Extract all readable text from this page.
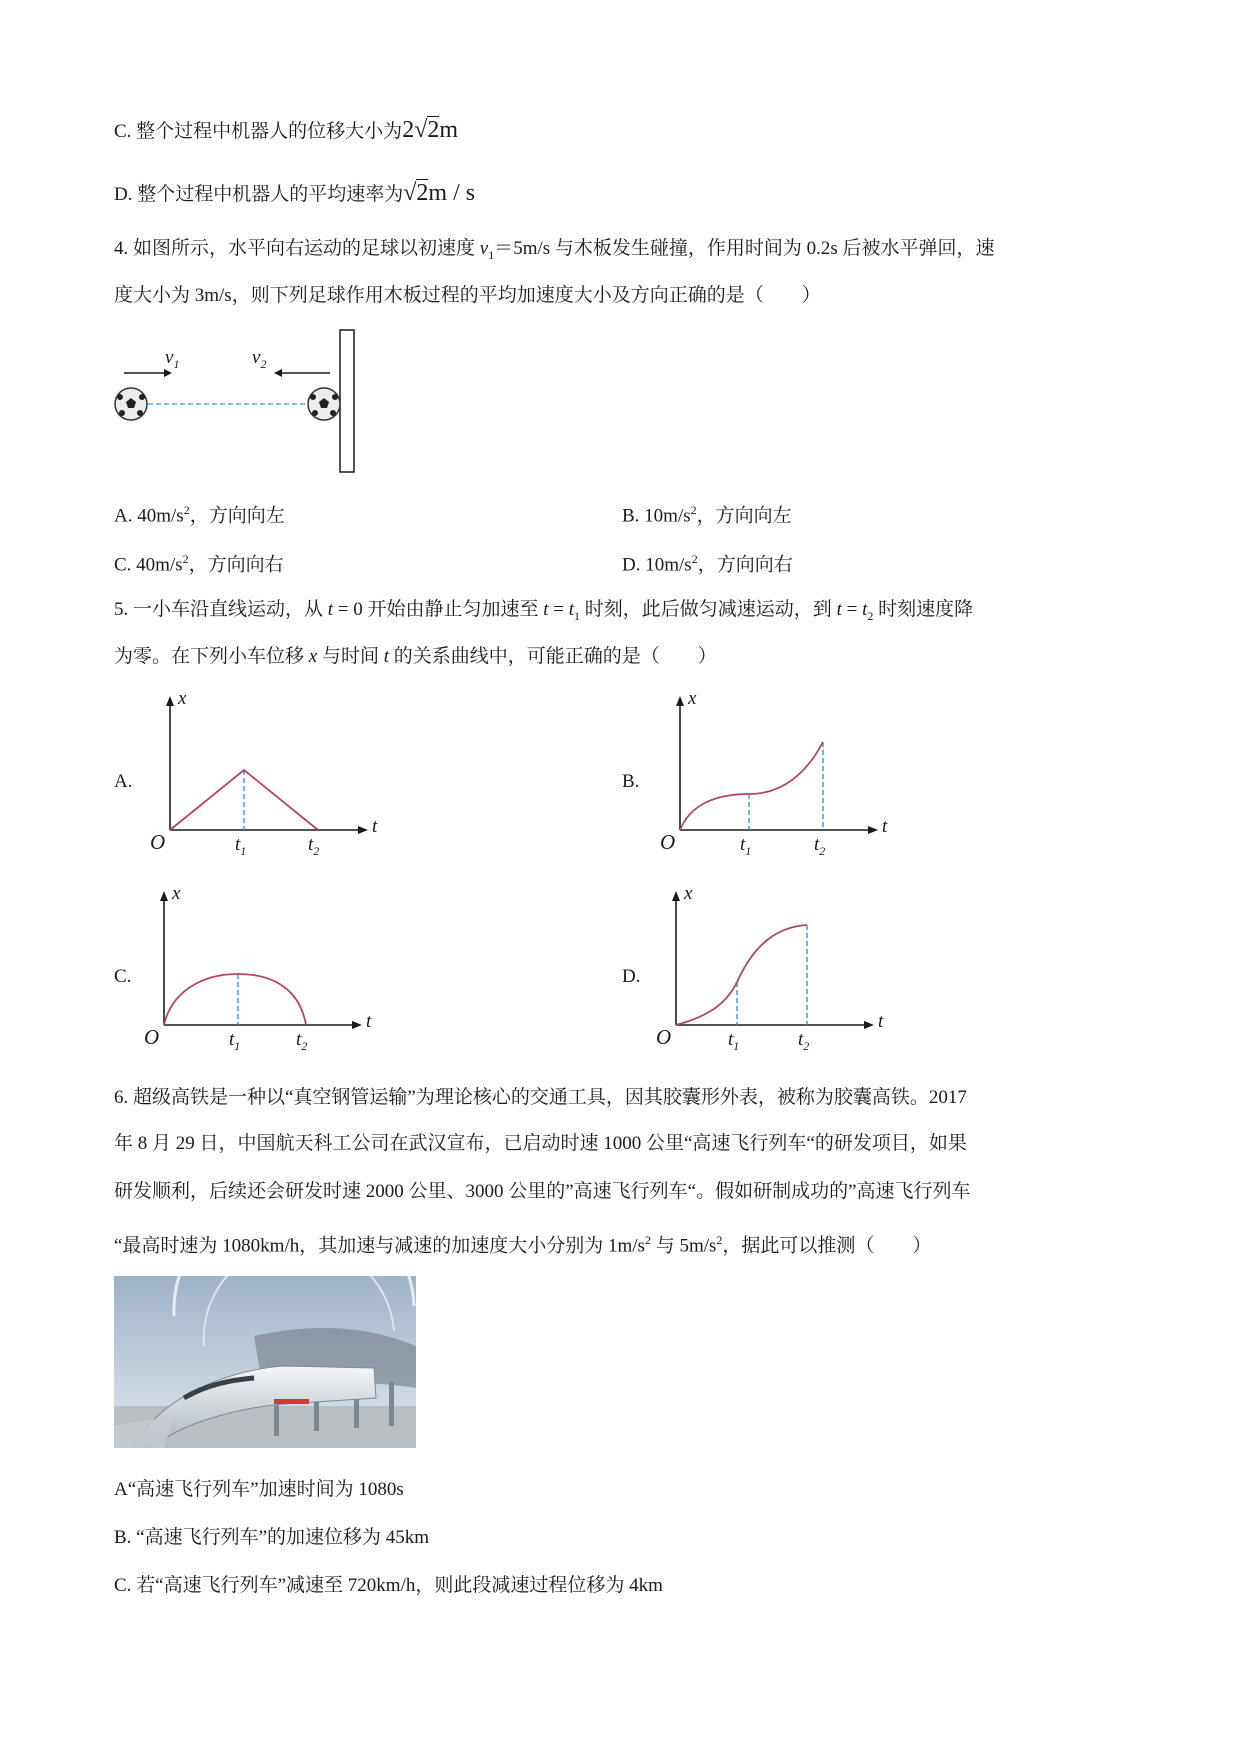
C. 整个过程中机器人的位移大小为2√2m
D. 整个过程中机器人的平均速率为√2m / s
4. 如图所示，水平向右运动的足球以初速度 $v_1=5m/s$ 与木板发生碰撞，作用时间为 0.2s 后被水平弹回，速
度大小为 3m/s，则下列足球作用木板过程的平均加速度大小及方向正确的是（　　）
$v_1$	$v_2$
A. $40m/s^2$，方向向左	B. $10m/s^2$，方向向左
C. $40m/s^2$，方向向右	D. $10m/s^2$，方向向右
5. 一小车沿直线运动，从 t = 0 开始由静止匀加速至 $t = t_1$ 时刻，此后做匀减速运动，到 $t = t_2$ 时刻速度降
为零。在下列小车位移 x 与时间 t 的关系曲线中，可能正确的是（　　）
A.
x
O
t
$t_1$	$t_2$
B.
x
O
t
$t_1$	$t_2$
C.
x
O
t
$t_1$	$t_2$
D.
x
O
t
$t_1$	$t_2$
6. 超级高铁是一种以“真空钢管运输”为理论核心的交通工具，因其胶囊形外表，被称为胶囊高铁。2017
年 8 月 29 日，中国航天科工公司在武汉宣布，已启动时速 1000 公里“高速飞行列车“的研发项目，如果
研发顺利，后续还会研发时速 2000 公里、3000 公里的”高速飞行列车“。假如研制成功的”高速飞行列车
“最高时速为 1080km/h，其加速与减速的加速度大小分别为 $1m/s^2$ 与 $5m/s^2$，据此可以推测（　　）
A“高速飞行列车”加速时间为 1080s
B. “高速飞行列车”的加速位移为 45km
C. 若“高速飞行列车”减速至 720km/h，则此段减速过程位移为 4km
